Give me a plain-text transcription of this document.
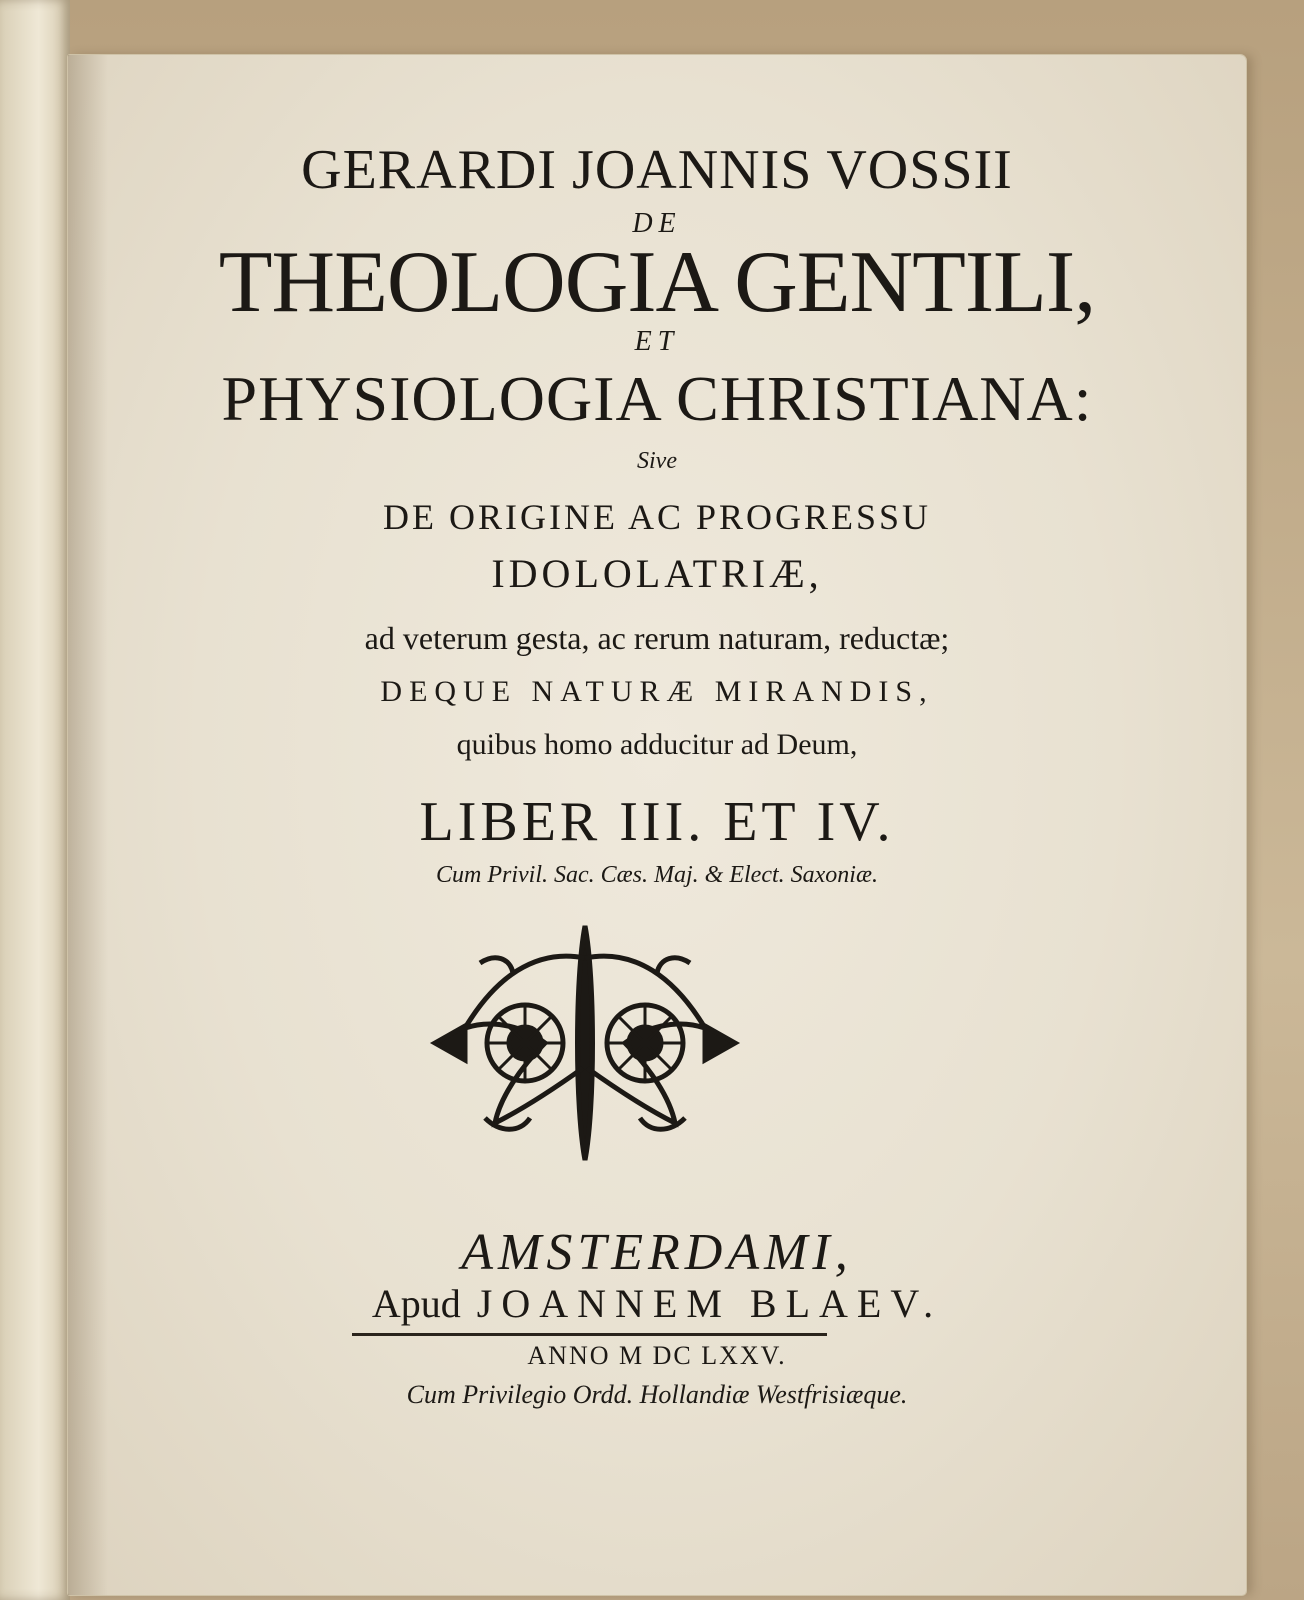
GERARDI JOANNIS VOSSII

DE

THEOLOGIA GENTILI,

ET

PHYSIOLOGIA CHRISTIANA:

Sive

DE ORIGINE AC PROGRESSU

IDOLOLATRIÆ,

ad veterum gesta, ac rerum naturam, reductæ;

DEQUE NATURÆ MIRANDIS,

quibus homo adducitur ad Deum,

LIBER III. ET IV.

Cum Privil. Sac. Cæs. Maj. & Elect. Saxoniæ.

AMSTERDAMI,

Apud JOANNEM BLAEV.

ANNO M DC LXXV.

Cum Privilegio Ordd. Hollandiæ Westfrisiæque.
